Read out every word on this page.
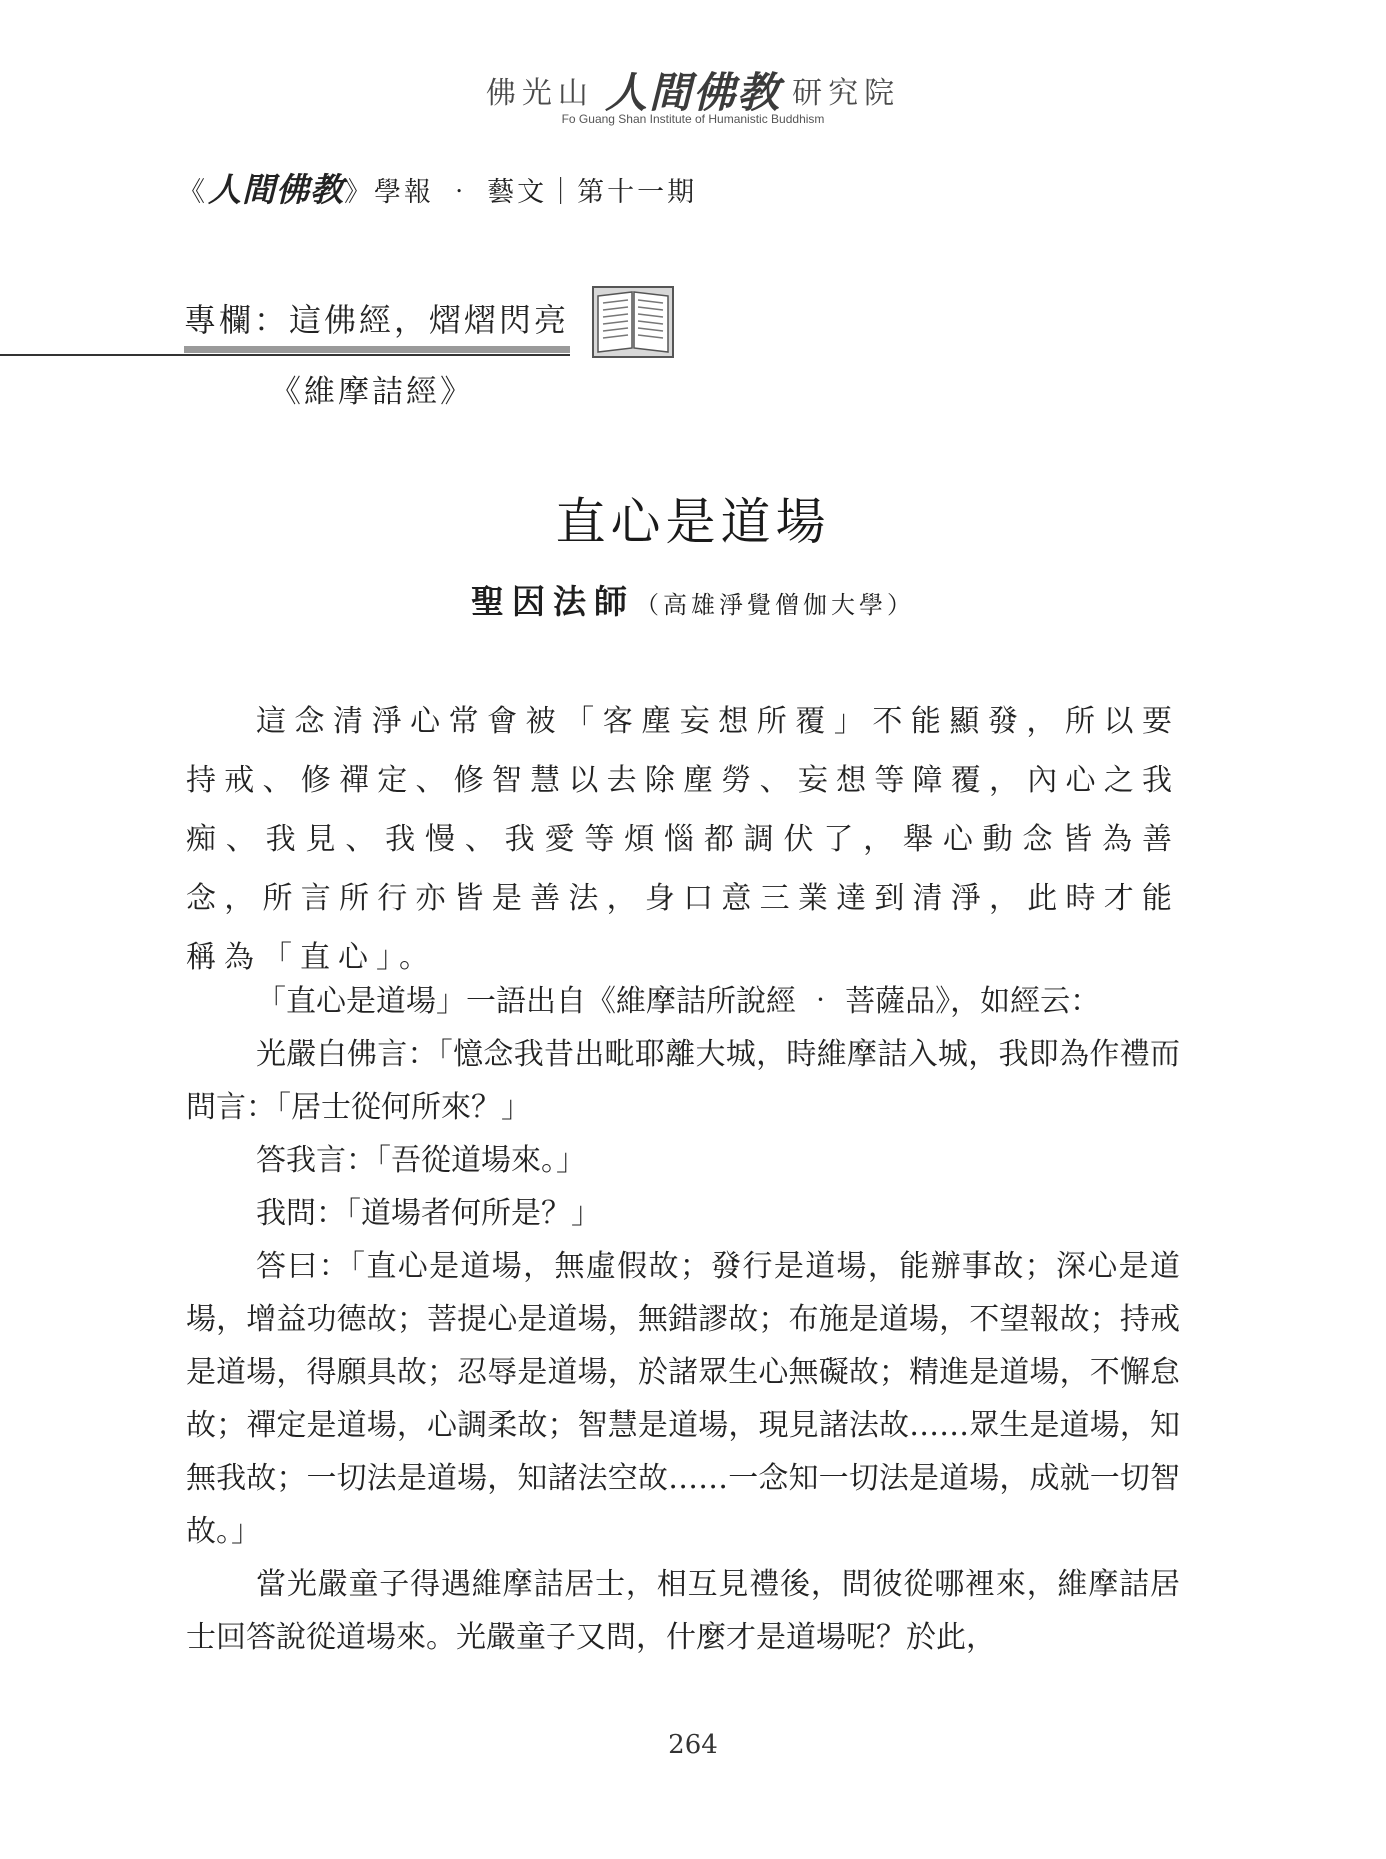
佛光山 人間佛教 研究院
Fo Guang Shan Institute of Humanistic Buddhism
《人間佛教》學報 ‧ 藝文｜第十一期
專欄：這佛經，熠熠閃亮
《維摩詰經》
直心是道場
聖因法師（高雄淨覺僧伽大學）
這念清淨心常會被「客塵妄想所覆」不能顯發，所以要持戒、修禪定、修智慧以去除塵勞、妄想等障覆，內心之我痴、我見、我慢、我愛等煩惱都調伏了，舉心動念皆為善念，所言所行亦皆是善法，身口意三業達到清淨，此時才能稱為「直心」。

「直心是道場」一語出自《維摩詰所說經 ‧ 菩薩品》，如經云：

光嚴白佛言：「憶念我昔出毗耶離大城，時維摩詰入城，我即為作禮而問言：「居士從何所來？」

答我言：「吾從道場來。」

我問：「道場者何所是？」

答曰：「直心是道場，無虛假故；發行是道場，能辦事故；深心是道場，增益功德故；菩提心是道場，無錯謬故；布施是道場，不望報故；持戒是道場，得願具故；忍辱是道場，於諸眾生心無礙故；精進是道場，不懈怠故；禪定是道場，心調柔故；智慧是道場，現見諸法故……眾生是道場，知無我故；一切法是道場，知諸法空故……一念知一切法是道場，成就一切智故。」

當光嚴童子得遇維摩詰居士，相互見禮後，問彼從哪裡來，維摩詰居士回答說從道場來。光嚴童子又問，什麼才是道場呢？於此，

264
